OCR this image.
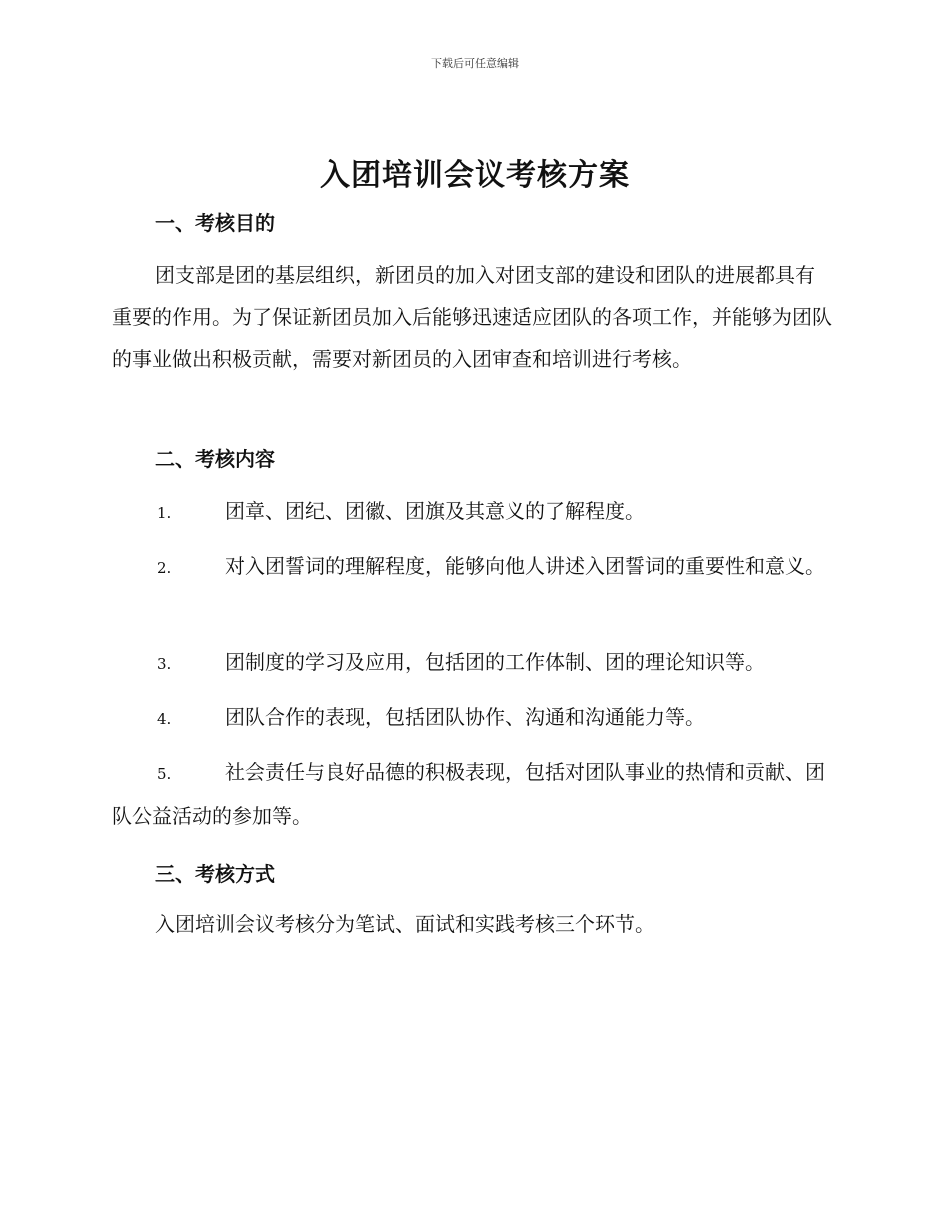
下载后可任意编辑
入团培训会议考核方案
一、考核目的
团支部是团的基层组织，新团员的加入对团支部的建设和团队的进展都具有重要的作用。为了保证新团员加入后能够迅速适应团队的各项工作，并能够为团队的事业做出积极贡献，需要对新团员的入团审查和培训进行考核。
二、考核内容
1.	团章、团纪、团徽、团旗及其意义的了解程度。
2.	对入团誓词的理解程度，能够向他人讲述入团誓词的重要性和意义。
3.	团制度的学习及应用，包括团的工作体制、团的理论知识等。
4.	团队合作的表现，包括团队协作、沟通和沟通能力等。
5.	社会责任与良好品德的积极表现，包括对团队事业的热情和贡献、团队公益活动的参加等。
三、考核方式
入团培训会议考核分为笔试、面试和实践考核三个环节。
